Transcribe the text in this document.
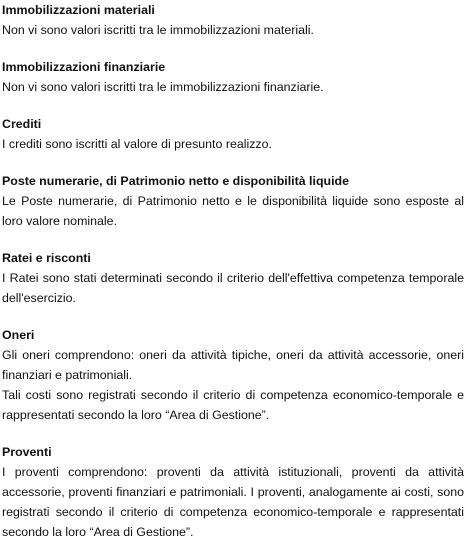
Immobilizzazioni materiali

Non vi sono valori iscritti tra le immobilizzazioni materiali.

Immobilizzazioni finanziarie

Non vi sono valori iscritti tra le immobilizzazioni finanziarie.

Crediti

I crediti sono iscritti al valore di presunto realizzo.

Poste numerarie, di Patrimonio netto e disponibilità liquide

Le Poste numerarie, di Patrimonio netto e le disponibilità liquide sono esposte al loro valore nominale.

Ratei e risconti

I Ratei sono stati determinati secondo il criterio dell'effettiva competenza temporale dell'esercizio.

Oneri

Gli oneri comprendono: oneri da attività tipiche, oneri da attività accessorie, oneri finanziari e patrimoniali.

Tali costi sono registrati secondo il criterio di competenza economico-temporale e rappresentati secondo la loro “Area di Gestione”.

Proventi

I proventi comprendono: proventi da attività istituzionali, proventi da attività accessorie, proventi finanziari e patrimoniali. I proventi, analogamente ai costi, sono registrati secondo il criterio di competenza economico-temporale e rappresentati secondo la loro “Area di Gestione”.
